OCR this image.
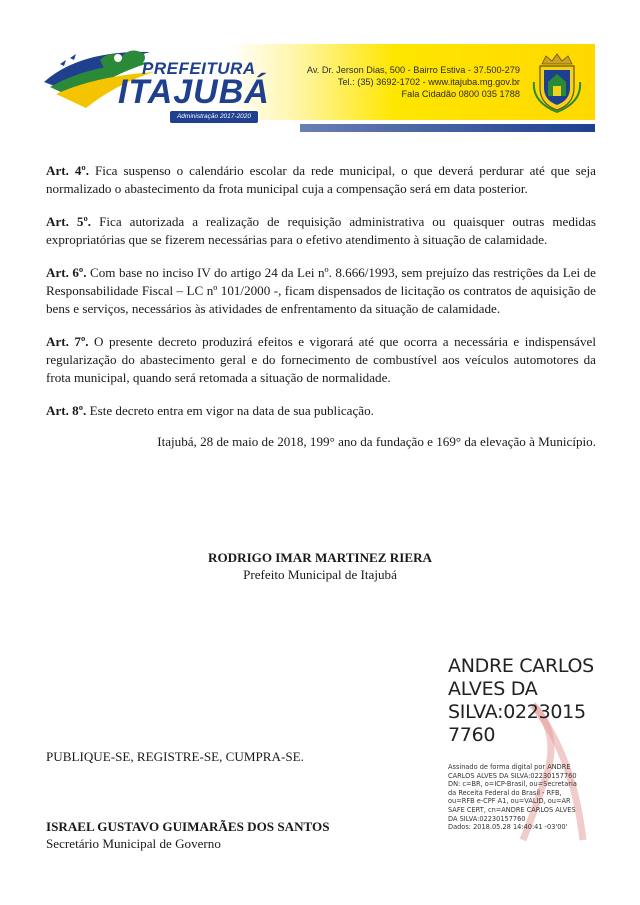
PREFEITURA
ITAJUBÁ
Administração 2017-2020
Av. Dr. Jerson Dias, 500 - Bairro Estiva - 37.500-279
Tel.: (35) 3692-1702 - www.itajuba.mg.gov.br
Fala Cidadão 0800 035 1788

Art. 4º. Fica suspenso o calendário escolar da rede municipal, o que deverá perdurar até que seja normalizado o abastecimento da frota municipal cuja a compensação será em data posterior.

Art. 5º. Fica autorizada a realização de requisição administrativa ou quaisquer outras medidas expropriatórias que se fizerem necessárias para o efetivo atendimento à situação de calamidade.

Art. 6º. Com base no inciso IV do artigo 24 da Lei nº. 8.666/1993, sem prejuízo das restrições da Lei de Responsabilidade Fiscal – LC nº 101/2000 -, ficam dispensados de licitação os contratos de aquisição de bens e serviços, necessários às atividades de enfrentamento da situação de calamidade.

Art. 7º. O presente decreto produzirá efeitos e vigorará até que ocorra a necessária e indispensável regularização do abastecimento geral e do fornecimento de combustível aos veículos automotores da frota municipal, quando será retomada a situação de normalidade.

Art. 8º. Este decreto entra em vigor na data de sua publicação.

Itajubá, 28 de maio de 2018, 199° ano da fundação e 169° da elevação à Município.
RODRIGO IMAR MARTINEZ RIERA
Prefeito Municipal de Itajubá
PUBLIQUE-SE, REGISTRE-SE, CUMPRA-SE.
ISRAEL GUSTAVO GUIMARÃES DOS SANTOS
Secretário Municipal de Governo
ANDRE CARLOS
ALVES DA
SILVA:0223015
7760
Assinado de forma digital por ANDRE
CARLOS ALVES DA SILVA:02230157760
DN: c=BR, o=ICP-Brasil, ou=Secretaria
da Receita Federal do Brasil - RFB,
ou=RFB e-CPF A1, ou=VALID, ou=AR
SAFE CERT, cn=ANDRE CARLOS ALVES
DA SILVA:02230157760
Dados: 2018.05.28 14:40:41 -03'00'
